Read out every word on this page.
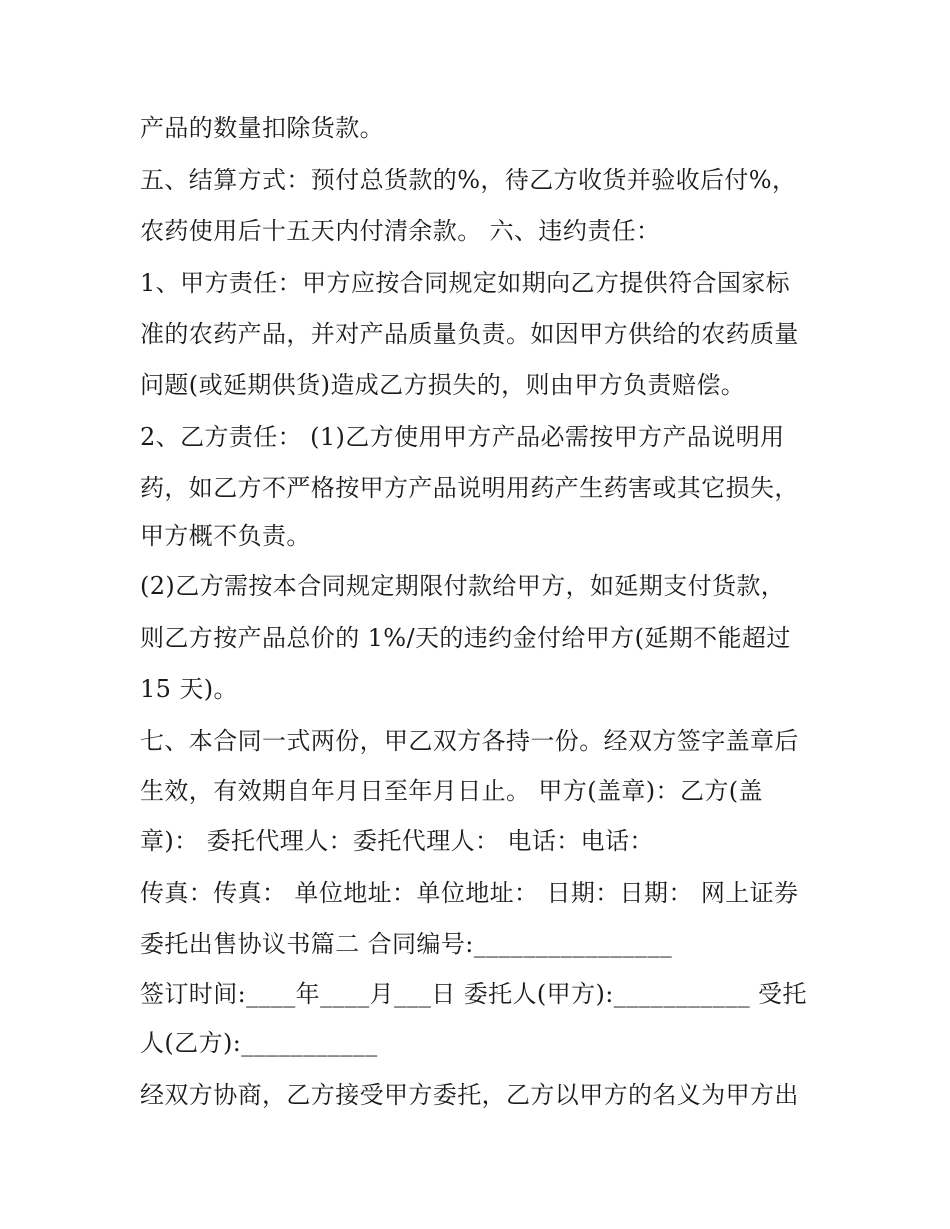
产品的数量扣除货款。

五、结算方式：预付总货款的%，待乙方收货并验收后付%，

农药使用后十五天内付清余款。 六、违约责任：

1、甲方责任：甲方应按合同规定如期向乙方提供符合国家标

准的农药产品，并对产品质量负责。如因甲方供给的农药质量

问题(或延期供货)造成乙方损失的，则由甲方负责赔偿。

2、乙方责任： (1)乙方使用甲方产品必需按甲方产品说明用

药，如乙方不严格按甲方产品说明用药产生药害或其它损失，

甲方概不负责。

(2)乙方需按本合同规定期限付款给甲方，如延期支付货款，

则乙方按产品总价的 1%/天的违约金付给甲方(延期不能超过

15 天)。

七、本合同一式两份，甲乙双方各持一份。经双方签字盖章后

生效，有效期自年月日至年月日止。 甲方(盖章)：乙方(盖

章)： 委托代理人：委托代理人： 电话：电话：

传真：传真： 单位地址：单位地址： 日期：日期： 网上证券

委托出售协议书篇二 合同编号:________________

签订时间:____年____月___日 委托人(甲方):___________ 受托

人(乙方):___________

经双方协商，乙方接受甲方委托，乙方以甲方的名义为甲方出
